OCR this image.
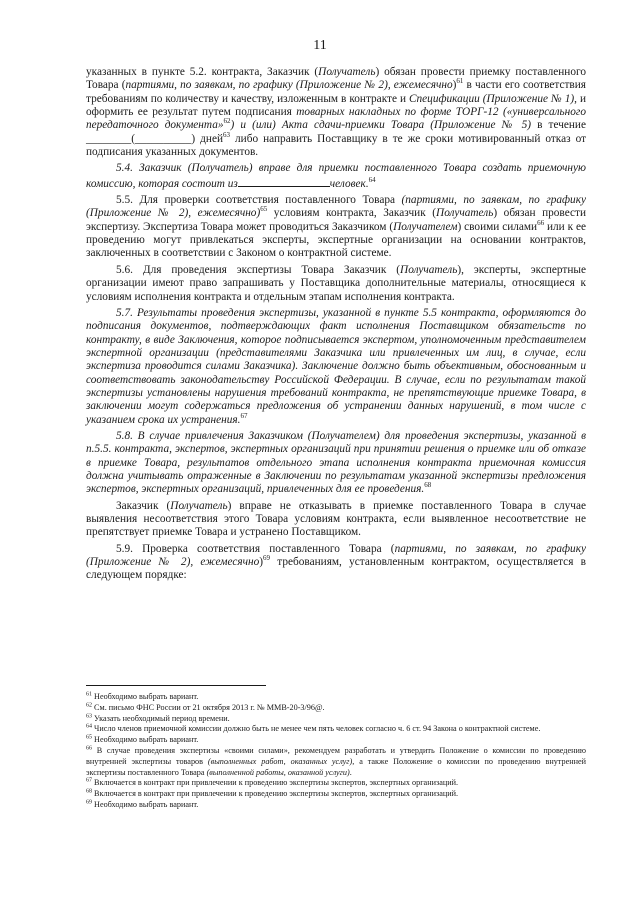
11

указанных в пункте 5.2. контракта, Заказчик (Получатель) обязан провести приемку поставленного Товара (партиями, по заявкам, по графику (Приложение № 2), ежемесячно)$^{61}$ в части его соответствия требованиям по количеству и качеству, изложенным в контракте и Спецификации (Приложение № 1), и оформить ее результат путем подписания товарных накладных по форме ТОРГ-12 («универсального передаточного документа»$^{62}$) и (или) Акта сдачи-приемки Товара (Приложение № 5) в течение ________(__________) дней$^{63}$ либо направить Поставщику в те же сроки мотивированный отказ от подписания указанных документов.

5.4. Заказчик (Получатель) вправе для приемки поставленного Товара создать приемочную комиссию, которая состоит из	человек.$^{64}$

5.5. Для проверки соответствия поставленного Товара (партиями, по заявкам, по графику (Приложение № 2), ежемесячно)$^{65}$ условиям контракта, Заказчик (Получатель) обязан провести экспертизу. Экспертиза Товара может проводиться Заказчиком (Получателем) своими силами$^{66}$ или к ее проведению могут привлекаться эксперты, экспертные организации на основании контрактов, заключенных в соответствии с Законом о контрактной системе.

5.6. Для проведения экспертизы Товара Заказчик (Получатель), эксперты, экспертные организации имеют право запрашивать у Поставщика дополнительные материалы, относящиеся к условиям исполнения контракта и отдельным этапам исполнения контракта.

5.7. Результаты проведения экспертизы, указанной в пункте 5.5 контракта, оформляются до подписания документов, подтверждающих факт исполнения Поставщиком обязательств по контракту, в виде Заключения, которое подписывается экспертом, уполномоченным представителем экспертной организации (представителями Заказчика или привлеченных им лиц, в случае, если экспертиза проводится силами Заказчика). Заключение должно быть объективным, обоснованным и соответствовать законодательству Российской Федерации. В случае, если по результатам такой экспертизы установлены нарушения требований контракта, не препятствующие приемке Товара, в заключении могут содержаться предложения об устранении данных нарушений, в том числе с указанием срока их устранения.$^{67}$

5.8. В случае привлечения Заказчиком (Получателем) для проведения экспертизы, указанной в п.5.5. контракта, экспертов, экспертных организаций при принятии решения о приемке или об отказе в приемке Товара, результатов отдельного этапа исполнения контракта приемочная комиссия должна учитывать отраженные в Заключении по результатам указанной экспертизы предложения экспертов, экспертных организаций, привлеченных для ее проведения.$^{68}$

Заказчик (Получатель) вправе не отказывать в приемке поставленного Товара в случае выявления несоответствия этого Товара условиям контракта, если выявленное несоответствие не препятствует приемке Товара и устранено Поставщиком.

5.9. Проверка соответствия поставленного Товара (партиями, по заявкам, по графику (Приложение № 2), ежемесячно)$^{69}$ требованиям, установленным контрактом, осуществляется в следующем порядке:

$^{61}$ Необходимо выбрать вариант.

$^{62}$ См. письмо ФНС России от 21 октября 2013 г. № ММВ-20-3/96@.

$^{63}$ Указать необходимый период времени.

$^{64}$ Число членов приемочной комиссии должно быть не менее чем пять человек согласно ч. 6 ст. 94 Закона о контрактной системе.

$^{65}$ Необходимо выбрать вариант.

$^{66}$ В случае проведения экспертизы «своими силами», рекомендуем разработать и утвердить Положение о комиссии по проведению внутренней экспертизы товаров (выполненных работ, оказанных услуг), а также Положение о комиссии по проведению внутренней экспертизы поставленного Товара (выполненной работы, оказанной услуги).

$^{67}$ Включается в контракт при привлечении к проведению экспертизы экспертов, экспертных организаций.

$^{68}$ Включается в контракт при привлечении к проведению экспертизы экспертов, экспертных организаций.

$^{69}$ Необходимо выбрать вариант.
